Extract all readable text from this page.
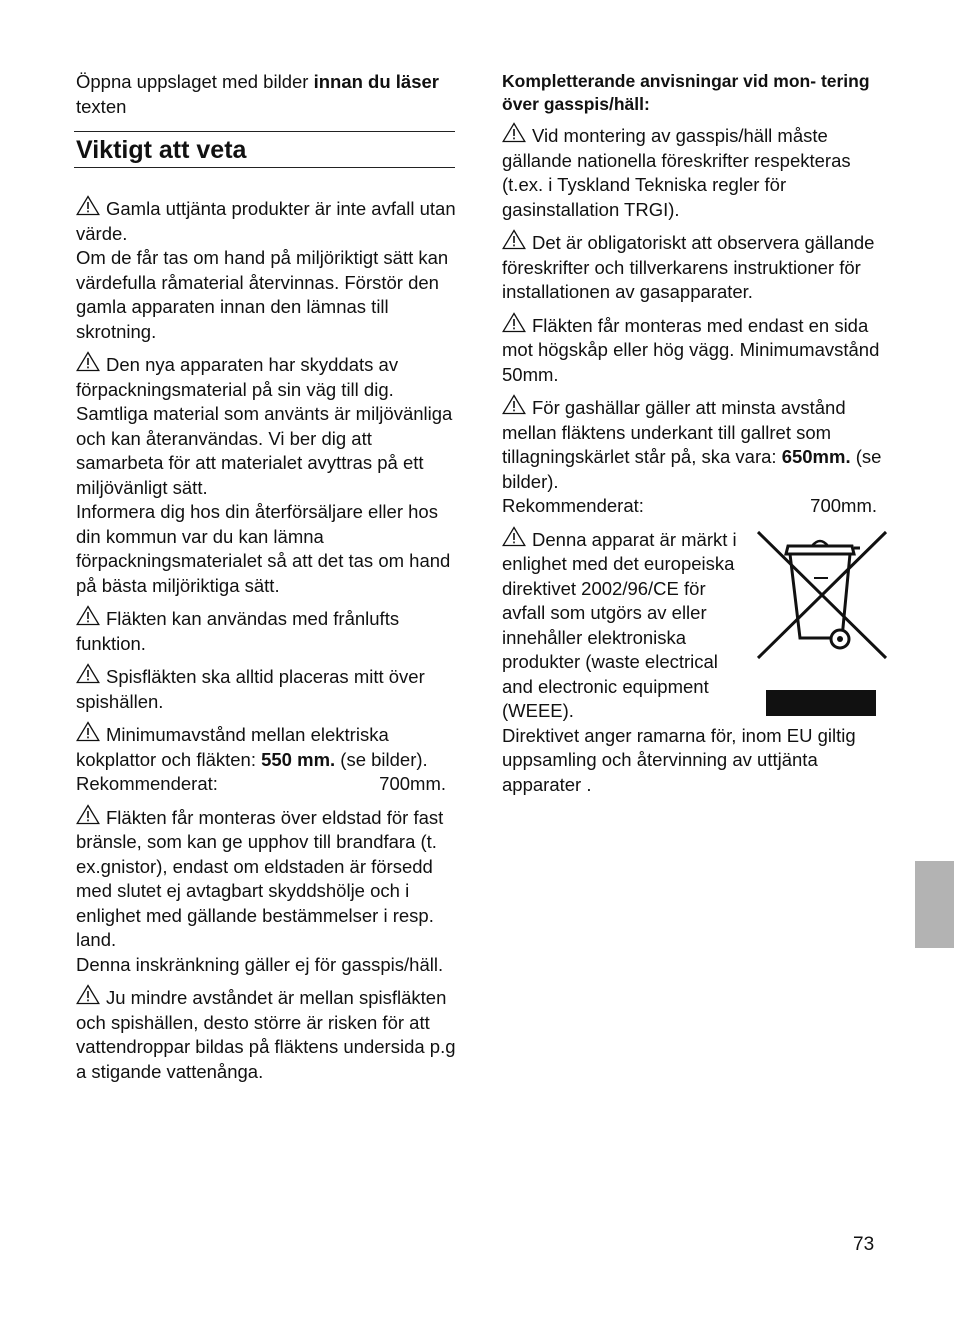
Öppna uppslaget med bilder innan du läser texten

Viktigt att veta

Gamla uttjänta produkter är inte avfall utan värde.

Om de får tas om hand på miljöriktigt sätt kan värdefulla råmaterial återvinnas. Förstör den gamla apparaten innan den lämnas till skrotning.

Den nya apparaten har skyddats av förpackningsmaterial på sin väg till dig. Samtliga material som använts är miljövänliga och kan återanvändas. Vi ber dig att samarbeta för att materialet avyttras på ett miljövänligt sätt.

Informera dig hos din återförsäljare eller hos din kommun var du kan lämna förpackningsmaterialet så att det tas om hand på bästa miljöriktiga sätt.

Fläkten kan användas med frånlufts funktion.

Spisfläkten ska alltid placeras mitt över spishällen.

Minimumavstånd mellan elektriska kokplattor och fläkten: 550 mm. (se bilder).

Rekommenderat:	700mm.

Fläkten får monteras över eldstad för fast bränsle, som kan ge upphov till brandfara (t. ex.gnistor), endast om eldstaden är försedd med slutet ej avtagbart skyddshölje och i enlighet med gällande bestämmelser i resp. land.

Denna inskränkning gäller ej för gasspis/häll.

Ju mindre avståndet är mellan spisfläkten och spishällen, desto större är risken för att vattendroppar bildas på fläktens undersida p.g a stigande vattenånga.

Kompletterande anvisningar vid mon- tering över gasspis/häll:

Vid montering av gasspis/häll måste gällande nationella föreskrifter respekteras (t.ex. i Tyskland Tekniska regler för gasinstallation TRGI).

Det är obligatoriskt att observera gällande föreskrifter och tillverkarens instruktioner för installationen av gasapparater.

Fläkten får monteras med endast en sida mot högskåp eller hög vägg. Minimumavstånd 50mm.

För gashällar gäller att minsta avstånd mellan fläktens underkant till gallret som tillagningskärlet står på, ska vara: 650mm. (se bilder).

Rekommenderat:	700mm.

Denna apparat är märkt i enlighet med det europeiska direktivet 2002/96/CE för avfall som utgörs av eller innehåller elektroniska produkter (waste electrical and electronic equipment (WEEE).

Direktivet anger ramarna för, inom EU giltig uppsamling och återvinning av uttjänta apparater .

73
